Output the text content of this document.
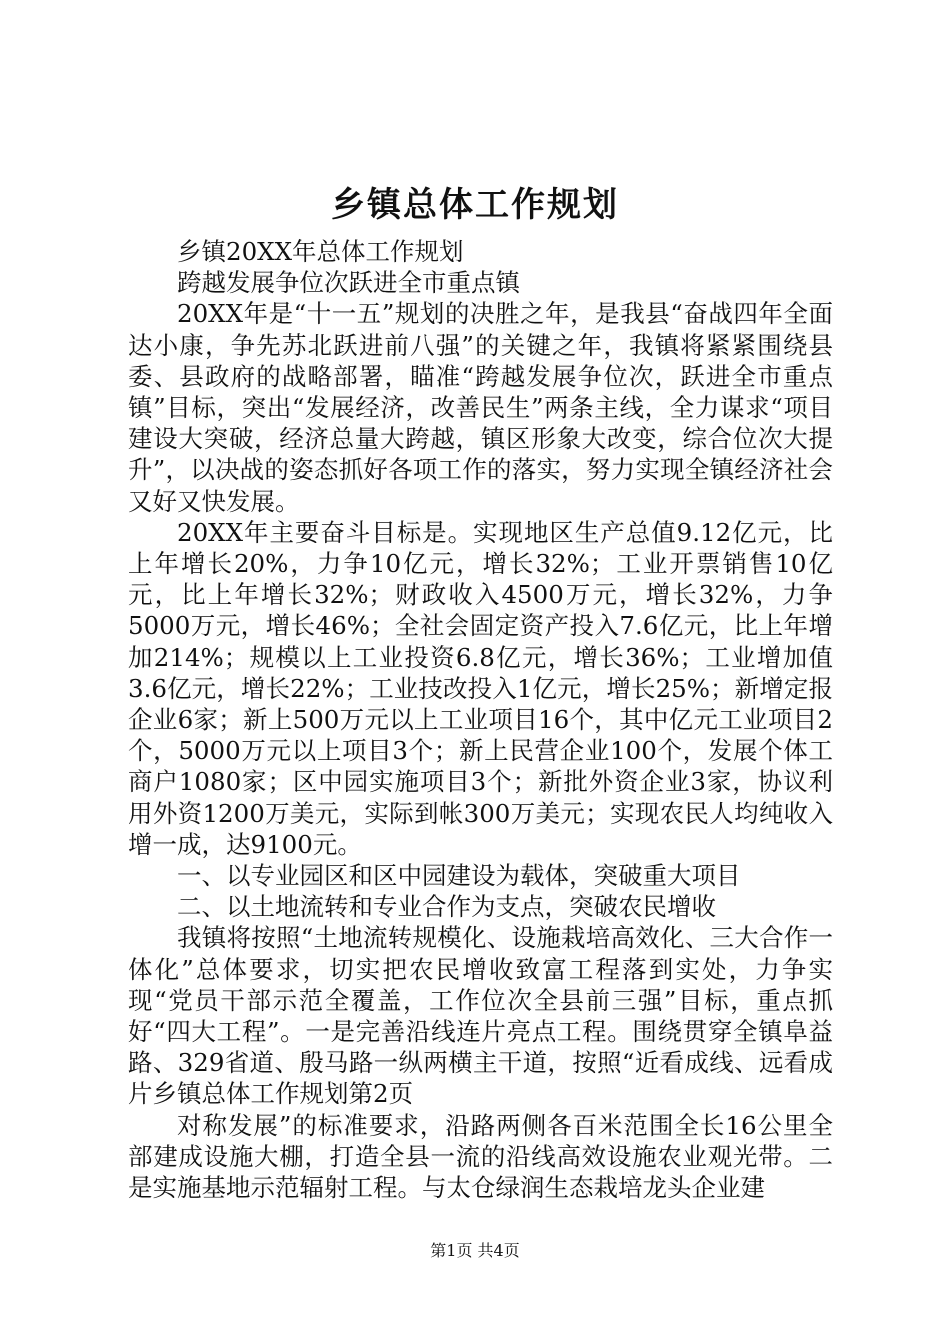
乡镇总体工作规划

乡镇20XX年总体工作规划

跨越发展争位次跃进全市重点镇

20XX年是“十一五”规划的决胜之年，是我县“奋战四年全面达小康，争先苏北跃进前八强”的关键之年，我镇将紧紧围绕县委、县政府的战略部署，瞄准“跨越发展争位次，跃进全市重点镇”目标，突出“发展经济，改善民生”两条主线，全力谋求“项目建设大突破，经济总量大跨越，镇区形象大改变，综合位次大提升”，以决战的姿态抓好各项工作的落实，努力实现全镇经济社会又好又快发展。

20XX年主要奋斗目标是。实现地区生产总值9.12亿元，比上年增长20%，力争10亿元，增长32%；工业开票销售10亿元，比上年增长32%；财政收入4500万元，增长32%，力争5000万元，增长46%；全社会固定资产投入7.6亿元，比上年增加214%；规模以上工业投资6.8亿元，增长36%；工业增加值3.6亿元，增长22%；工业技改投入1亿元，增长25%；新增定报企业6家；新上500万元以上工业项目16个，其中亿元工业项目2个，5000万元以上项目3个；新上民营企业100个，发展个体工商户1080家；区中园实施项目3个；新批外资企业3家，协议利用外资1200万美元，实际到帐300万美元；实现农民人均纯收入增一成，达9100元。

一、以专业园区和区中园建设为载体，突破重大项目

二、以土地流转和专业合作为支点，突破农民增收

我镇将按照“土地流转规模化、设施栽培高效化、三大合作一体化”总体要求，切实把农民增收致富工程落到实处，力争实现“党员干部示范全覆盖，工作位次全县前三强”目标，重点抓好“四大工程”。一是完善沿线连片亮点工程。围绕贯穿全镇阜益路、329省道、殷马路一纵两横主干道，按照“近看成线、远看成片乡镇总体工作规划第2页

对称发展”的标准要求，沿路两侧各百米范围全长16公里全部建成设施大棚，打造全县一流的沿线高效设施农业观光带。二是实施基地示范辐射工程。与太仓绿润生态栽培龙头企业建

第1页 共4页
